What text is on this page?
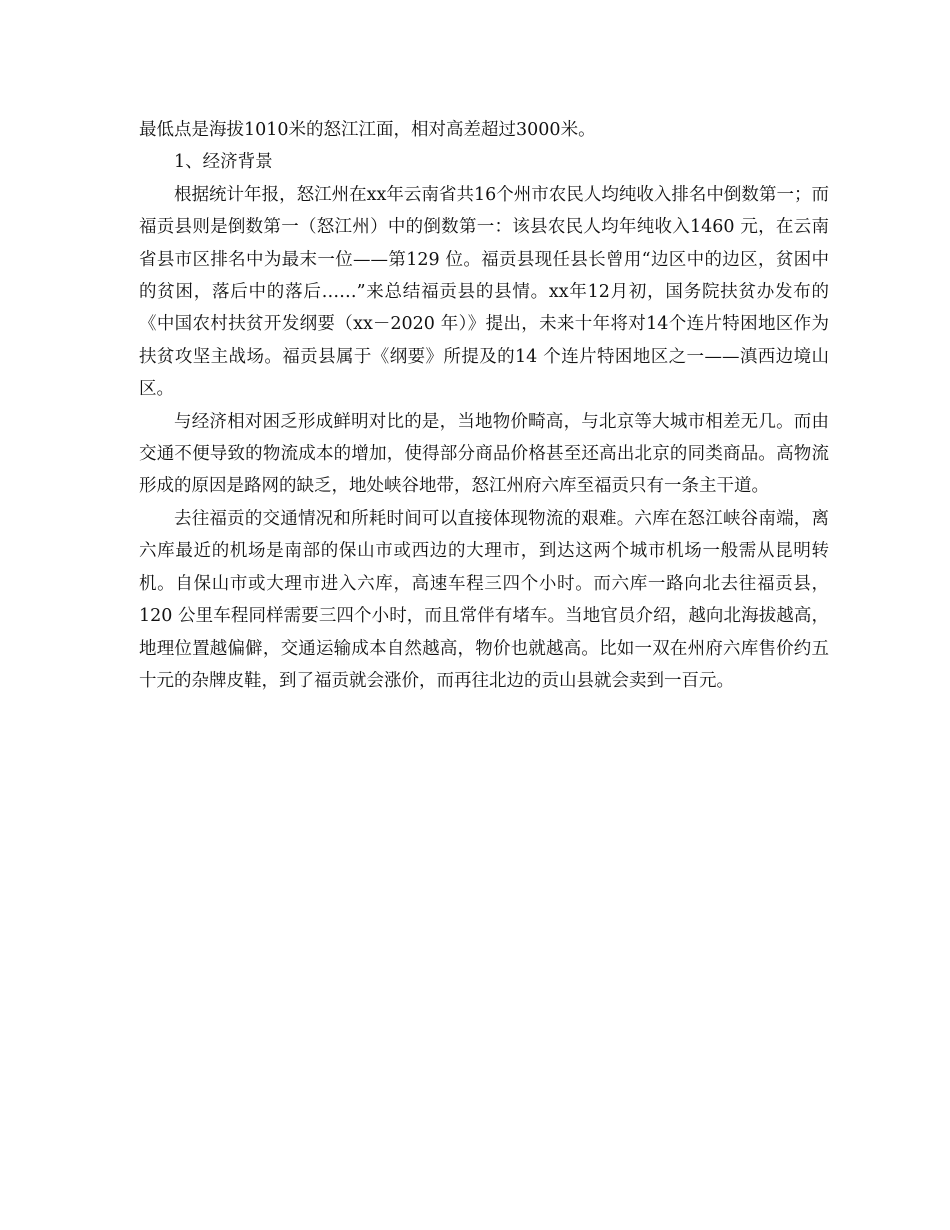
最低点是海拔1010米的怒江江面，相对高差超过3000米。

1、经济背景

根据统计年报，怒江州在xx年云南省共16个州市农民人均纯收入排名中倒数第一；而福贡县则是倒数第一（怒江州）中的倒数第一：该县农民人均年纯收入1460 元，在云南省县市区排名中为最末一位——第129 位。福贡县现任县长曾用“边区中的边区，贫困中的贫困，落后中的落后……”来总结福贡县的县情。xx年12月初，国务院扶贫办发布的《中国农村扶贫开发纲要（xx－2020 年）》提出，未来十年将对14个连片特困地区作为扶贫攻坚主战场。福贡县属于《纲要》所提及的14 个连片特困地区之一——滇西边境山区。

与经济相对困乏形成鲜明对比的是，当地物价畸高，与北京等大城市相差无几。而由交通不便导致的物流成本的增加，使得部分商品价格甚至还高出北京的同类商品。高物流形成的原因是路网的缺乏，地处峡谷地带，怒江州府六库至福贡只有一条主干道。

去往福贡的交通情况和所耗时间可以直接体现物流的艰难。六库在怒江峡谷南端，离六库最近的机场是南部的保山市或西边的大理市，到达这两个城市机场一般需从昆明转机。自保山市或大理市进入六库，高速车程三四个小时。而六库一路向北去往福贡县，120 公里车程同样需要三四个小时，而且常伴有堵车。当地官员介绍，越向北海拔越高，地理位置越偏僻，交通运输成本自然越高，物价也就越高。比如一双在州府六库售价约五十元的杂牌皮鞋，到了福贡就会涨价，而再往北边的贡山县就会卖到一百元。
